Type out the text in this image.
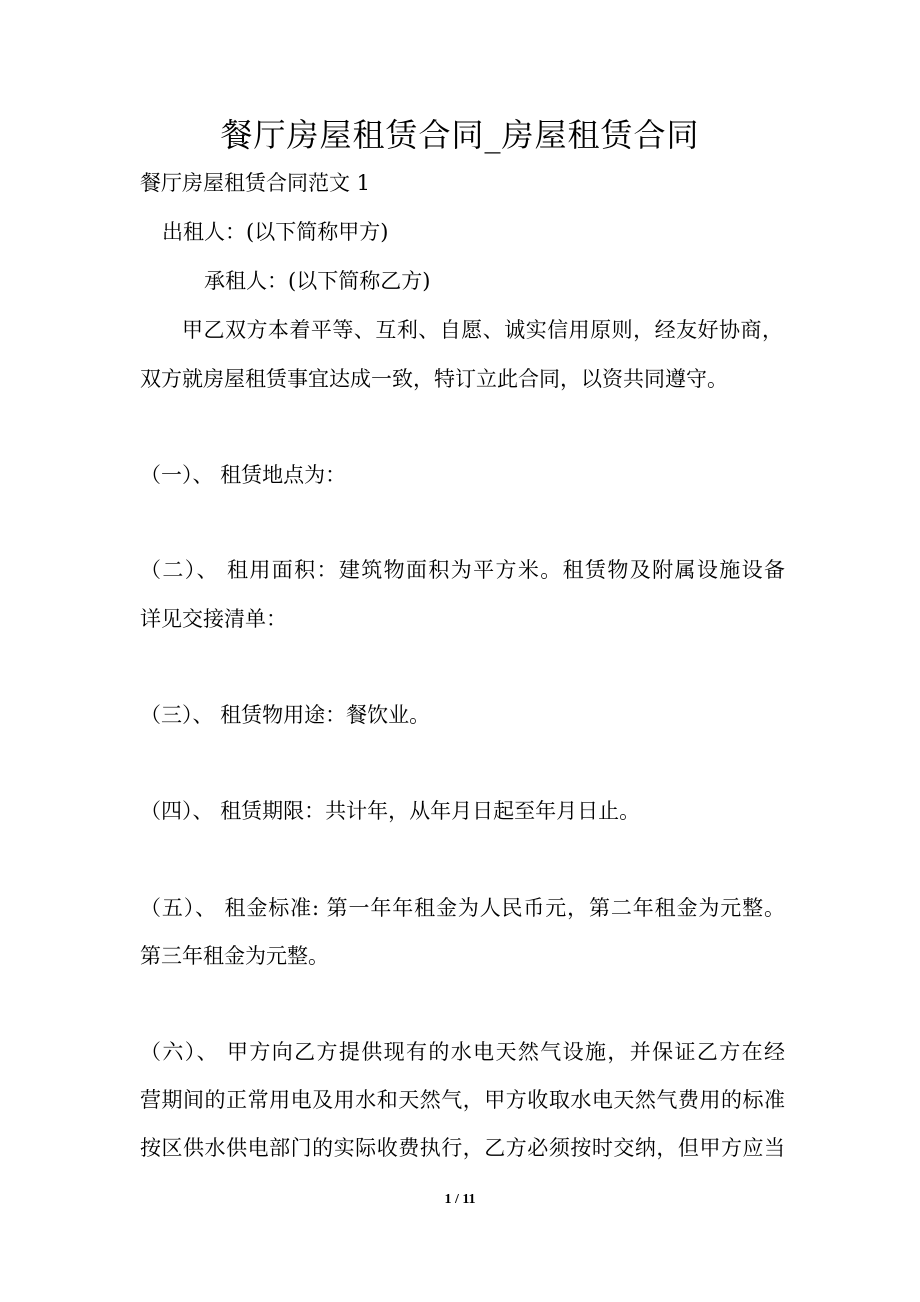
餐厅房屋租赁合同_房屋租赁合同
餐厅房屋租赁合同范文 1
出租人：(以下简称甲方)
承租人：(以下简称乙方)
甲乙双方本着平等、互利、自愿、诚实信用原则，经友好协商，
双方就房屋租赁事宜达成一致，特订立此合同，以资共同遵守。
（一）、 租赁地点为：
（二）、 租用面积：建筑物面积为平方米。租赁物及附属设施设备
详见交接清单：
（三）、 租赁物用途：餐饮业。
（四）、 租赁期限：共计年，从年月日起至年月日止。
（五）、 租金标准: 第一年年租金为人民币元，第二年租金为元整。
第三年租金为元整。
（六）、 甲方向乙方提供现有的水电天然气设施，并保证乙方在经
营期间的正常用电及用水和天然气，甲方收取水电天然气费用的标准
按区供水供电部门的实际收费执行，乙方必须按时交纳，但甲方应当
1 / 11
